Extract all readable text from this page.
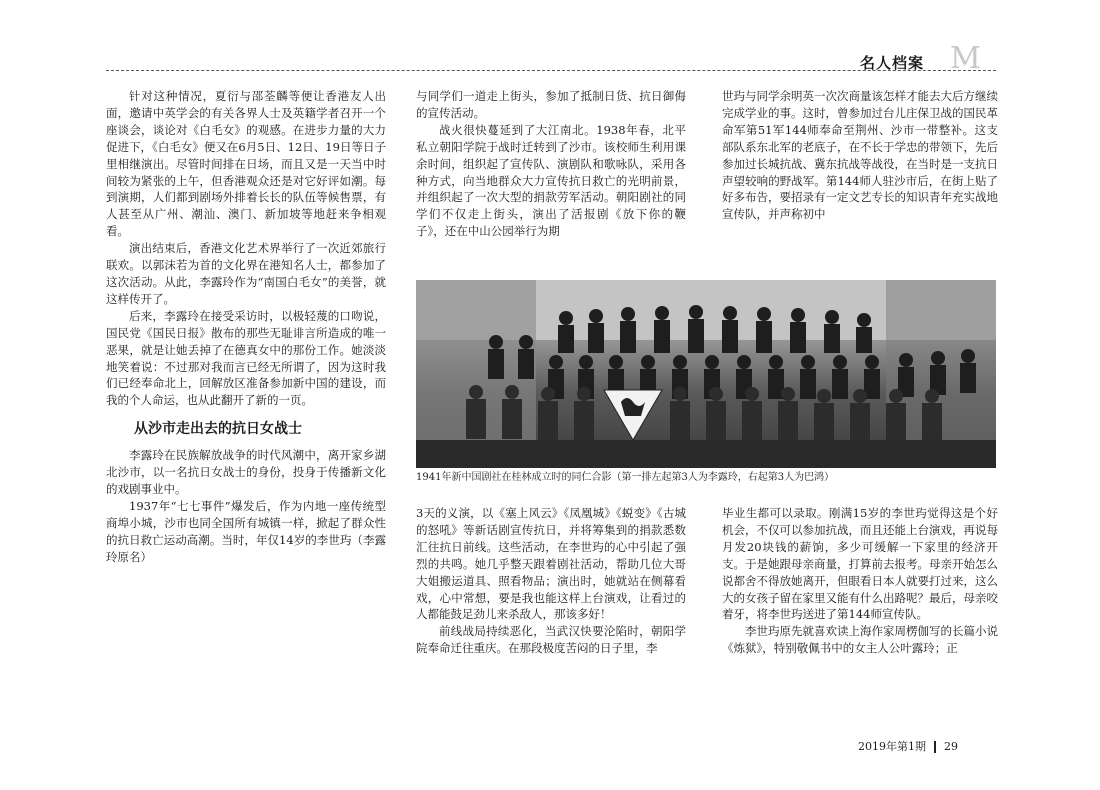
名人档案 M

针对这种情况，夏衍与邵荃麟等便让香港友人出面，邀请中英学会的有关各界人士及英籍学者召开一个座谈会，谈论对《白毛女》的观感。在进步力量的大力促进下，《白毛女》便又在6月5日、12日、19日等日子里相继演出。尽管时间排在日场，而且又是一天当中时间较为紧张的上午，但香港观众还是对它好评如潮。每到演期，人们都到剧场外排着长长的队伍等候售票，有人甚至从广州、潮汕、澳门、新加坡等地赶来争相观看。

演出结束后，香港文化艺术界举行了一次近郊旅行联欢。以郭沫若为首的文化界在港知名人士，都参加了这次活动。从此，李露玲作为“南国白毛女”的美誉，就这样传开了。

后来，李露玲在接受采访时，以极轻蔑的口吻说，国民党《国民日报》散布的那些无耻诽言所造成的唯一恶果，就是让她丢掉了在德真女中的那份工作。她淡淡地笑着说：不过那对我而言已经无所谓了，因为这时我们已经奉命北上，回解放区准备参加新中国的建设，而我的个人命运，也从此翻开了新的一页。

从沙市走出去的抗日女战士

李露玲在民族解放战争的时代风潮中，离开家乡湖北沙市，以一名抗日女战士的身份，投身于传播新文化的戏剧事业中。

1937年“七七事件”爆发后，作为内地一座传统型商埠小城，沙市也同全国所有城镇一样，掀起了群众性的抗日救亡运动高潮。当时，年仅14岁的李世玙（李露玲原名）

与同学们一道走上街头，参加了抵制日货、抗日御侮的宣传活动。

战火很快蔓延到了大江南北。1938年春，北平私立朝阳学院于战时迁转到了沙市。该校师生利用课余时间，组织起了宣传队、演剧队和歌咏队，采用各种方式，向当地群众大力宣传抗日救亡的光明前景，并组织起了一次大型的捐款劳军活动。朝阳剧社的同学们不仅走上街头，演出了活报剧《放下你的鞭子》，还在中山公园举行为期

世玙与同学余明英一次次商量该怎样才能去大后方继续完成学业的事。这时，曾参加过台儿庄保卫战的国民革命军第51军144师奉命至荆州、沙市一带整补。这支部队系东北军的老底子，在不长于学忠的带领下，先后参加过长城抗战、冀东抗战等战役，在当时是一支抗日声望较响的野战军。第144师人驻沙市后，在街上贴了好多布告，要招录有一定文艺专长的知识青年充实战地宣传队，并声称初中

1941年新中国剧社在桂林成立时的同仁合影（第一排左起第3人为李露玲，右起第3人为巴鸿）

3天的义演，以《塞上风云》《凤凰城》《蜕变》《古城的怒吼》等新话剧宣传抗日，并将筹集到的捐款悉数汇往抗日前线。这些活动，在李世玙的心中引起了强烈的共鸣。她几乎整天跟着剧社活动，帮助几位大哥大姐搬运道具、照看物品；演出时，她就站在侧幕看戏，心中常想，要是我也能这样上台演戏，让看过的人都能鼓足劲儿来杀敌人，那该多好！

前线战局持续恶化，当武汉快要沦陷时，朝阳学院奉命迁往重庆。在那段极度苦闷的日子里，李

毕业生都可以录取。刚满15岁的李世玙觉得这是个好机会，不仅可以参加抗战，而且还能上台演戏，再说每月发20块钱的薪饷，多少可缓解一下家里的经济开支。于是她跟母亲商量，打算前去报考。母亲开始怎么说都舍不得放她离开，但眼看日本人就要打过来，这么大的女孩子留在家里又能有什么出路呢？最后，母亲咬着牙，将李世玙送进了第144师宣传队。

李世玙原先就喜欢读上海作家周楞伽写的长篇小说《炼狱》，特别敬佩书中的女主人公叶露玲；正

2019年第1期 29
